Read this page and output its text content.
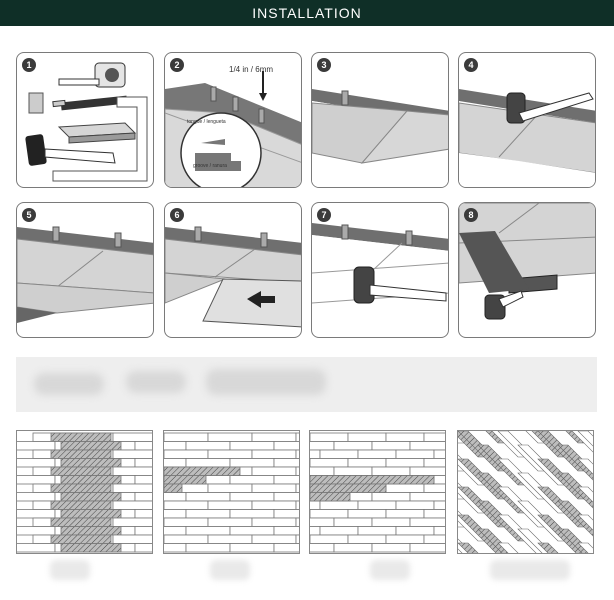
INSTALLATION
1	2	1/4 in / 6mm
tongue / lengueta
groove / ranura
3	4
5	6	7	8
